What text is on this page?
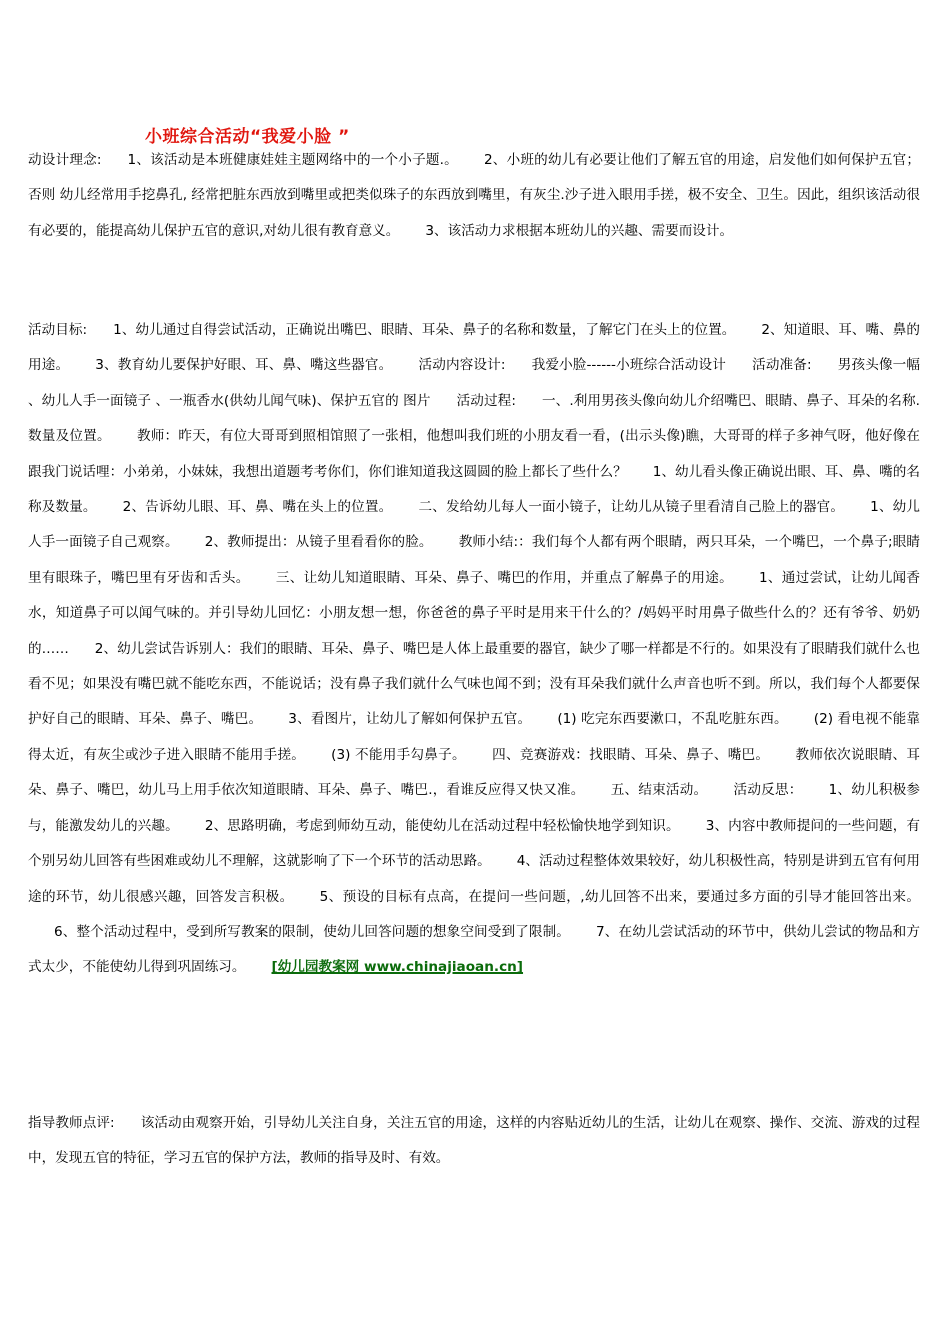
小班综合活动“我爱小脸 ”
动设计理念: 1、该活动是本班健康娃娃主题网络中的一个小子题.。 2、小班的幼儿有必要让他们了解五官的用途，启发他们如何保护五官；否则 幼儿经常用手挖鼻孔, 经常把脏东西放到嘴里或把类似珠子的东西放到嘴里，有灰尘.沙子进入眼用手搓，极不安全、卫生。因此，组织该活动很有必要的，能提高幼儿保护五官的意识,对幼儿很有教育意义。 3、该活动力求根据本班幼儿的兴趣、需要而设计。
活动目标: 1、幼儿通过自得尝试活动，正确说出嘴巴、眼睛、耳朵、鼻子的名称和数量，了解它门在头上的位置。 2、知道眼、耳、嘴、鼻的用途。 3、教育幼儿要保护好眼、耳、鼻、嘴这些器官。 活动内容设计: 我爱小脸------小班综合活动设计 活动准备: 男孩头像一幅 、幼儿人手一面镜子 、一瓶香水(供幼儿闻气味)、保护五官的 图片 活动过程: 一、.利用男孩头像向幼儿介绍嘴巴、眼睛、鼻子、耳朵的名称.数量及位置。 教师：昨天，有位大哥哥到照相馆照了一张相，他想叫我们班的小朋友看一看，(出示头像)瞧，大哥哥的样子多神气呀，他好像在跟我门说话哩：小弟弟，小妹妹，我想出道题考考你们，你们谁知道我这圆圆的脸上都长了些什么？ 1、幼儿看头像正确说出眼、耳、鼻、嘴的名称及数量。 2、告诉幼儿眼、耳、鼻、嘴在头上的位置。 二、发给幼儿每人一面小镜子，让幼儿从镜子里看清自己脸上的器官。 1、幼儿人手一面镜子自己观察。 2、教师提出：从镜子里看看你的脸。 教师小结:：我们每个人都有两个眼睛，两只耳朵，一个嘴巴，一个鼻子;眼睛里有眼珠子，嘴巴里有牙齿和舌头。 三、让幼儿知道眼睛、耳朵、鼻子、嘴巴的作用，并重点了解鼻子的用途。 1、通过尝试，让幼儿闻香水，知道鼻子可以闻气味的。并引导幼儿回忆：小朋友想一想，你爸爸的鼻子平时是用来干什么的？/妈妈平时用鼻子做些什么的？还有爷爷、奶奶的…… 2、幼儿尝试告诉别人：我们的眼睛、耳朵、鼻子、嘴巴是人体上最重要的器官，缺少了哪一样都是不行的。如果没有了眼睛我们就什么也看不见；如果没有嘴巴就不能吃东西，不能说话；没有鼻子我们就什么气味也闻不到；没有耳朵我们就什么声音也听不到。所以，我们每个人都要保护好自己的眼睛、耳朵、鼻子、嘴巴。 3、看图片，让幼儿了解如何保护五官。 (1) 吃完东西要漱口，不乱吃脏东西。 (2) 看电视不能靠得太近，有灰尘或沙子进入眼睛不能用手搓。 (3) 不能用手勾鼻子。 四、竞赛游戏：找眼睛、耳朵、鼻子、嘴巴。 教师依次说眼睛、耳朵、鼻子、嘴巴，幼儿马上用手依次知道眼睛、耳朵、鼻子、嘴巴.，看谁反应得又快又准。 五、结束活动。 活动反思： 1、幼儿积极参与，能激发幼儿的兴趣。 2、思路明确，考虑到师幼互动，能使幼儿在活动过程中轻松愉快地学到知识。 3、内容中教师提问的一些问题，有个别另幼儿回答有些困难或幼儿不理解，这就影响了下一个环节的活动思路。 4、活动过程整体效果较好，幼儿积极性高，特别是讲到五官有何用途的环节，幼儿很感兴趣，回答发言积极。 5、预设的目标有点高，在提问一些问题，,幼儿回答不出来，要通过多方面的引导才能回答出来。6、整个活动过程中，受到所写教案的限制，使幼儿回答问题的想象空间受到了限制。 7、在幼儿尝试活动的环节中，供幼儿尝试的物品和方式太少，不能使幼儿得到巩固练习。 [幼儿园教案网 www.chinajiaoan.cn]
指导教师点评: 该活动由观察开始，引导幼儿关注自身，关注五官的用途，这样的内容贴近幼儿的生活，让幼儿在观察、操作、交流、游戏的过程中，发现五官的特征，学习五官的保护方法，教师的指导及时、有效。
